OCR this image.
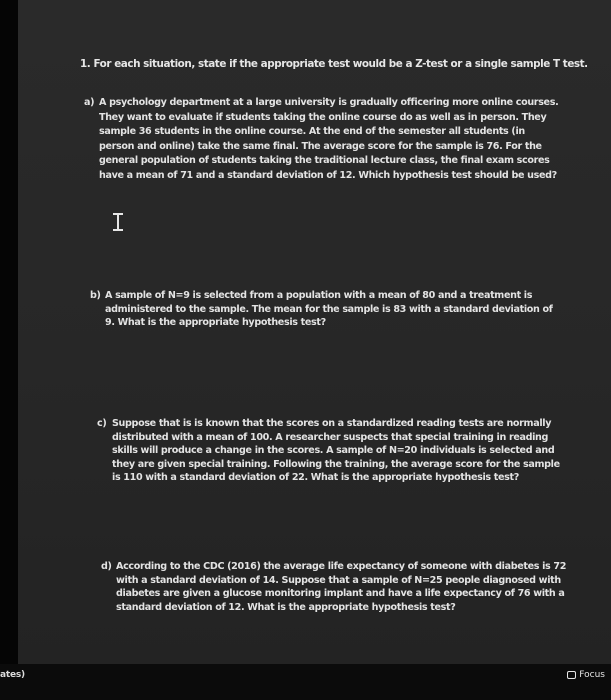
1. For each situation, state if the appropriate test would be a Z-test or a single sample T test.
a) A psychology department at a large university is gradually officering more online courses.
They want to evaluate if students taking the online course do as well as in person. They
sample 36 students in the online course. At the end of the semester all students (in
person and online) take the same final. The average score for the sample is 76. For the
general population of students taking the traditional lecture class, the final exam scores
have a mean of 71 and a standard deviation of 12. Which hypothesis test should be used?
b) A sample of N=9 is selected from a population with a mean of 80 and a treatment is
administered to the sample. The mean for the sample is 83 with a standard deviation of
9. What is the appropriate hypothesis test?
c) Suppose that is is known that the scores on a standardized reading tests are normally
distributed with a mean of 100. A researcher suspects that special training in reading
skills will produce a change in the scores. A sample of N=20 individuals is selected and
they are given special training. Following the training, the average score for the sample
is 110 with a standard deviation of 22. What is the appropriate hypothesis test?
d) According to the CDC (2016) the average life expectancy of someone with diabetes is 72
with a standard deviation of 14. Suppose that a sample of N=25 people diagnosed with
diabetes are given a glucose monitoring implant and have a life expectancy of 76 with a
standard deviation of 12. What is the appropriate hypothesis test?
ates)	Focus
